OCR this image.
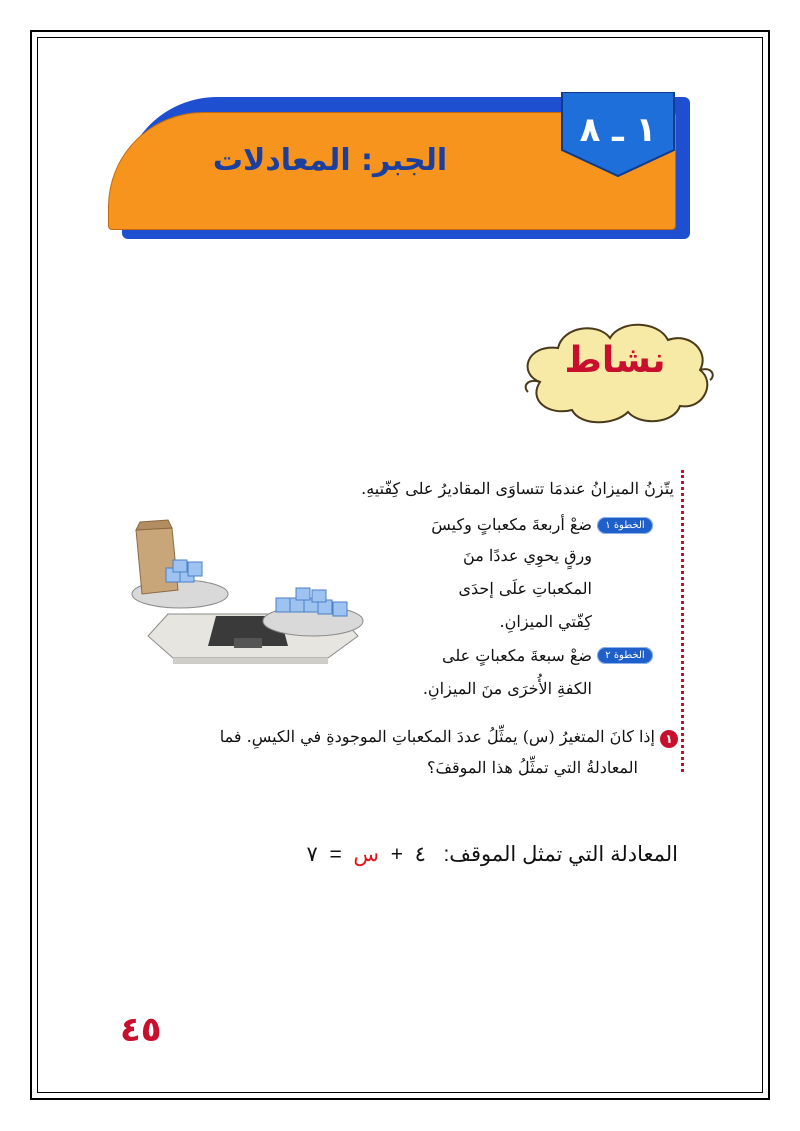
١ ـ ٨
الجبر: المعادلات
نشاط
يتّزنُ الميزانُ عندمَا تتساوَى المقاديرُ على كِفّتيهِ.
الخطوة ١
ضعْ أربعةَ مكعباتٍ وكيسَ
ورقٍ يحوِي عددًا منَ
المكعباتِ علَى إحدَى
كِفّتي الميزانِ.
الخطوة ٢
ضعْ سبعةَ مكعباتٍ على
الكفةِ الأُخرَى منَ الميزانِ.
١
إذا كانَ المتغيرُ (س) يمثِّلُ عددَ المكعباتِ الموجودةِ في الكيسِ. فما
المعادلةُ التي تمثِّلُ هذا الموقفَ؟
المعادلة التي تمثل الموقف:   ٤  +  س  =  ٧
٤٥
